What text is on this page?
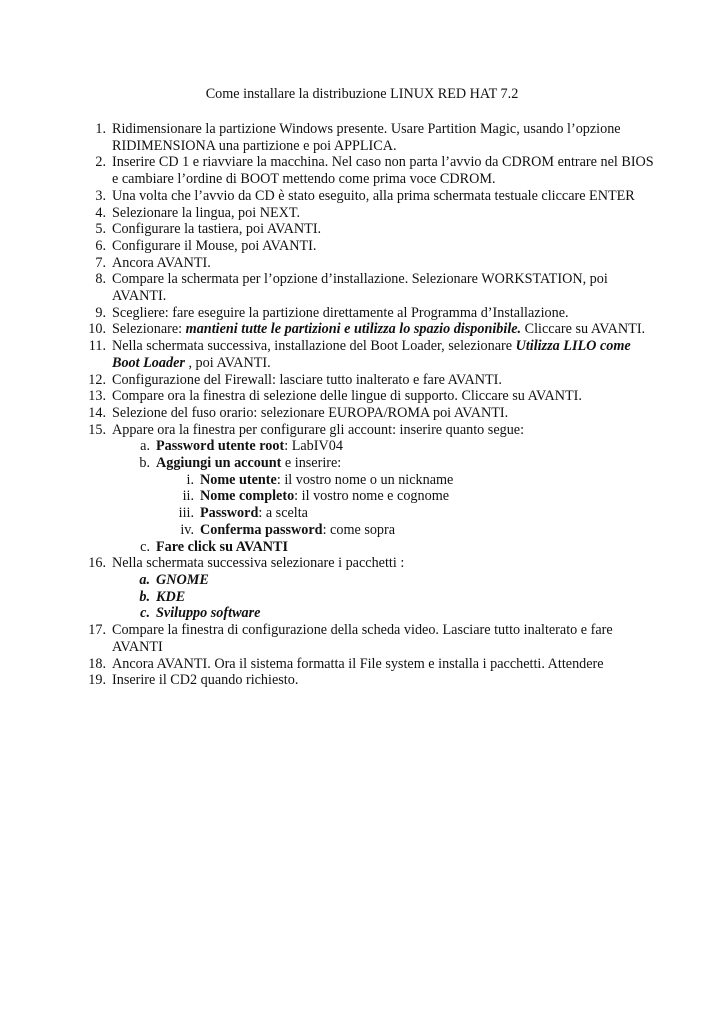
Come installare la distribuzione LINUX RED HAT 7.2
1. Ridimensionare la partizione Windows presente. Usare Partition Magic, usando l’opzione RIDIMENSIONA una partizione e poi APPLICA.
2. Inserire CD 1 e riavviare la macchina. Nel caso non parta l’avvio da CDROM entrare nel BIOS e cambiare l’ordine di BOOT mettendo come prima voce CDROM.
3. Una volta che l’avvio da CD è stato eseguito, alla prima schermata testuale cliccare ENTER
4. Selezionare la lingua, poi NEXT.
5. Configurare la tastiera, poi AVANTI.
6. Configurare il Mouse, poi AVANTI.
7. Ancora AVANTI.
8. Compare la schermata per l’opzione d’installazione. Selezionare WORKSTATION, poi AVANTI.
9. Scegliere: fare eseguire la partizione direttamente al Programma d’Installazione.
10. Selezionare: mantieni tutte le partizioni e utilizza lo spazio disponibile. Cliccare su AVANTI.
11. Nella schermata successiva, installazione del Boot Loader, selezionare Utilizza LILO come Boot Loader , poi AVANTI.
12. Configurazione del Firewall: lasciare tutto inalterato e fare AVANTI.
13. Compare ora la finestra di selezione delle lingue di supporto. Cliccare su AVANTI.
14. Selezione del fuso orario: selezionare EUROPA/ROMA poi AVANTI.
15. Appare ora la finestra per configurare gli account: inserire quanto segue:
a. Password utente root: LabIV04
b. Aggiungi un account e inserire:
i. Nome utente: il vostro nome o un nickname
ii. Nome completo: il vostro nome e cognome
iii. Password: a scelta
iv. Conferma password: come sopra
c. Fare click su AVANTI
16. Nella schermata successiva selezionare i pacchetti :
a. GNOME
b. KDE
c. Sviluppo software
17. Compare la finestra di configurazione della scheda video. Lasciare tutto inalterato e fare AVANTI
18. Ancora AVANTI. Ora il sistema formatta il File system e installa i pacchetti. Attendere
19. Inserire il CD2 quando richiesto.
